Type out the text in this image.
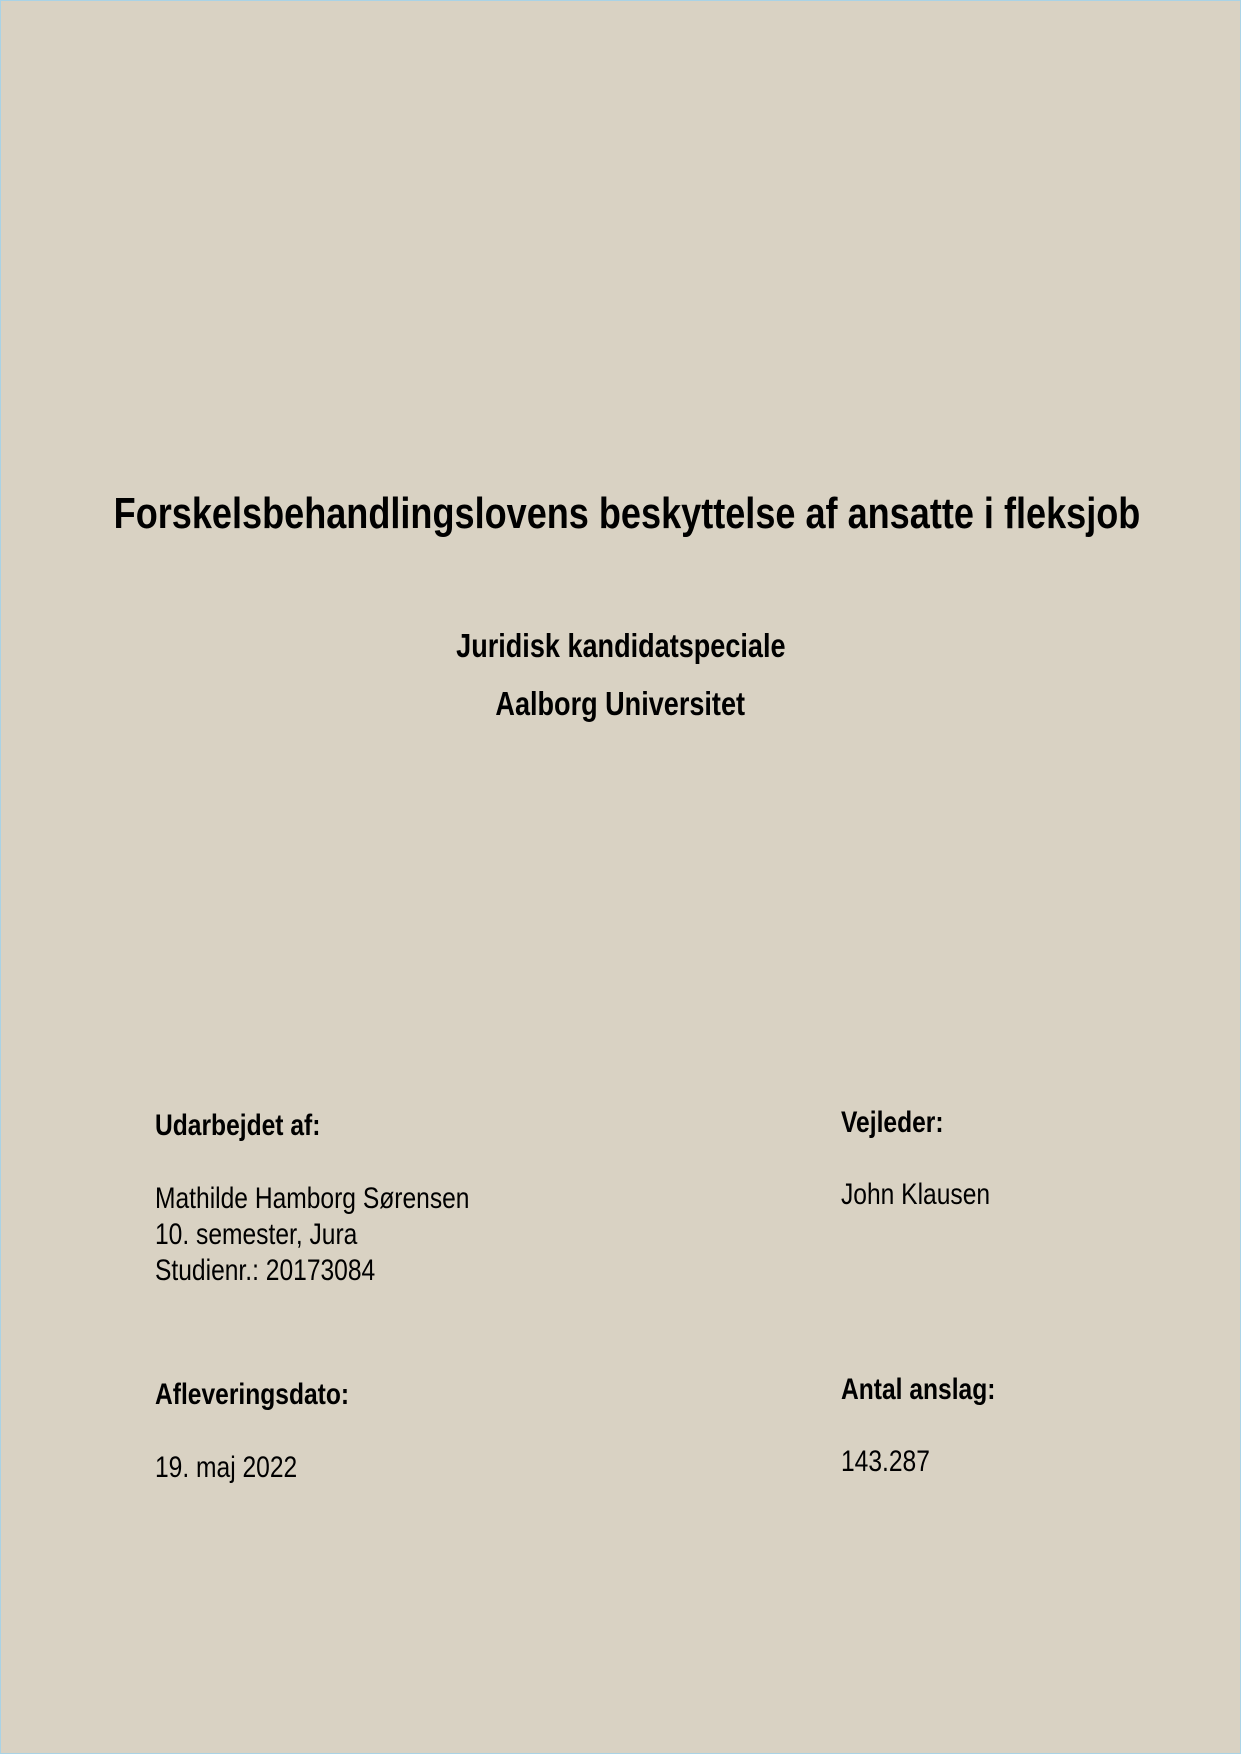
Forskelsbehandlingslovens beskyttelse af ansatte i fleksjob
Juridisk kandidatspeciale
Aalborg Universitet

Udarbejdet af:

Mathilde Hamborg Sørensen

10. semester, Jura

Studienr.: 20173084

Vejleder:

John Klausen

Afleveringsdato:

19. maj 2022

Antal anslag:

143.287
